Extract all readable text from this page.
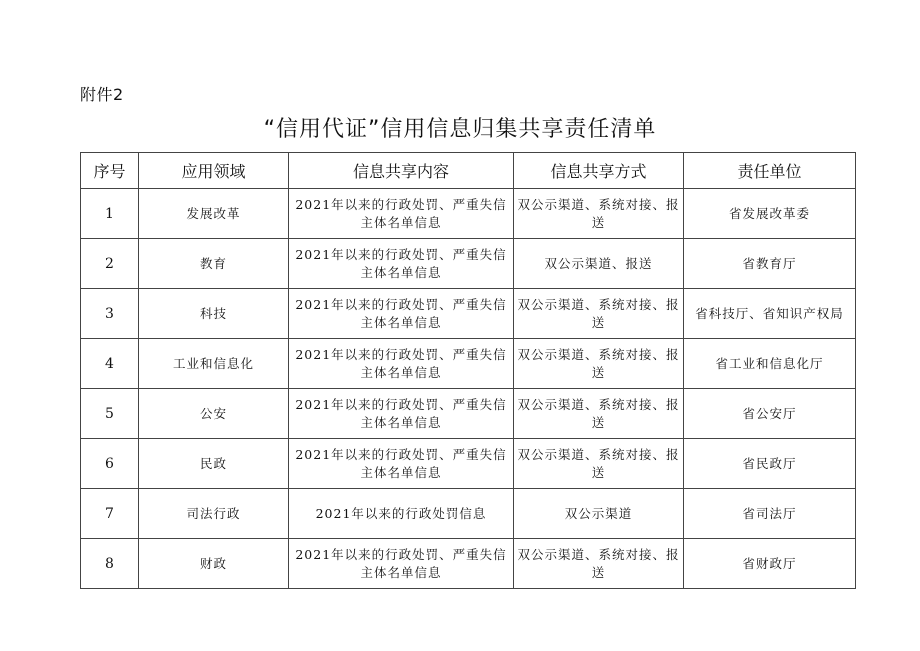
附件2
“信用代证”信用信息归集共享责任清单
序号	应用领域	信息共享内容	信息共享方式	责任单位
1	发展改革	2021年以来的行政处罚、严重失信主体名单信息	双公示渠道、系统对接、报送	省发展改革委
2	教育	2021年以来的行政处罚、严重失信主体名单信息	双公示渠道、报送	省教育厅
3	科技	2021年以来的行政处罚、严重失信主体名单信息	双公示渠道、系统对接、报送	省科技厅、省知识产权局
4	工业和信息化	2021年以来的行政处罚、严重失信主体名单信息	双公示渠道、系统对接、报送	省工业和信息化厅
5	公安	2021年以来的行政处罚、严重失信主体名单信息	双公示渠道、系统对接、报送	省公安厅
6	民政	2021年以来的行政处罚、严重失信主体名单信息	双公示渠道、系统对接、报送	省民政厅
7	司法行政	2021年以来的行政处罚信息	双公示渠道	省司法厅
8	财政	2021年以来的行政处罚、严重失信主体名单信息	双公示渠道、系统对接、报送	省财政厅
